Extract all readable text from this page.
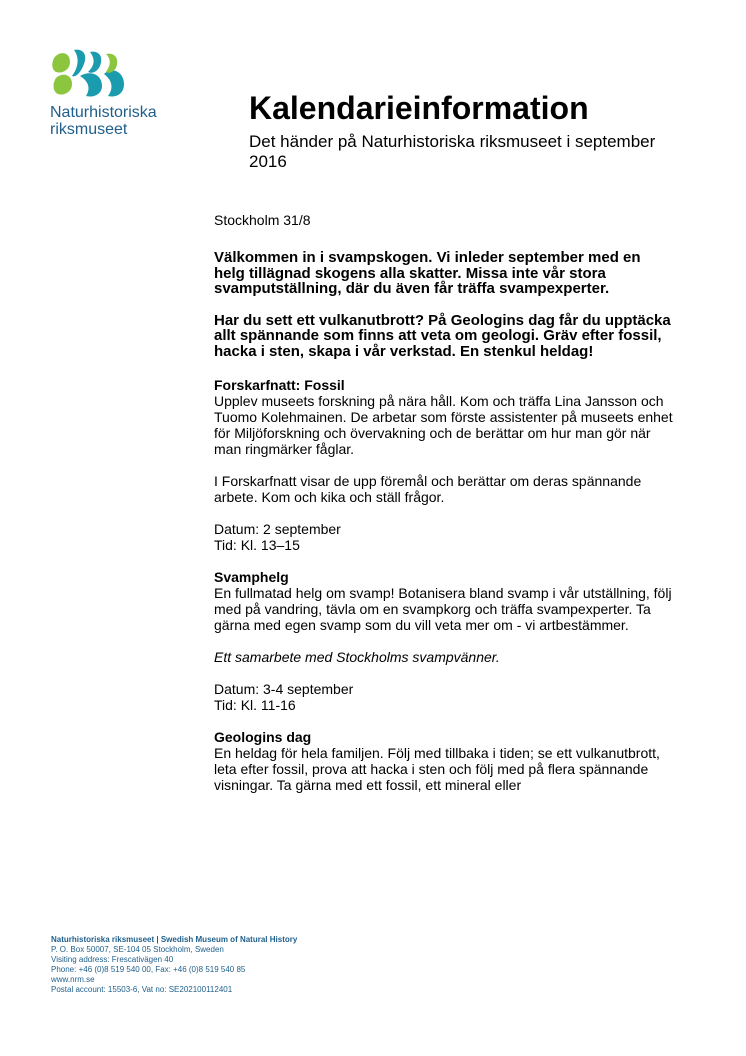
Naturhistoriska
riksmuseet
Kalendarieinformation
Det händer på Naturhistoriska riksmuseet i september 2016

Stockholm 31/8

Välkommen in i svampskogen. Vi inleder september med en helg tillägnad skogens alla skatter. Missa inte vår stora svamputställning, där du även får träffa svampexperter.

Har du sett ett vulkanutbrott? På Geologins dag får du upptäcka allt spännande som finns att veta om geologi. Gräv efter fossil, hacka i sten, skapa i vår verkstad. En stenkul heldag!

Forskarfnatt: Fossil

Upplev museets forskning på nära håll. Kom och träffa Lina Jansson och Tuomo Kolehmainen. De arbetar som förste assistenter på museets enhet för Miljöforskning och övervakning och de berättar om hur man gör när man ringmärker fåglar.

I Forskarfnatt visar de upp föremål och berättar om deras spännande arbete. Kom och kika och ställ frågor.

Datum: 2 september

Tid: Kl. 13–15

Svamphelg

En fullmatad helg om svamp! Botanisera bland svamp i vår utställning, följ med på vandring, tävla om en svampkorg och träffa svampexperter. Ta gärna med egen svamp som du vill veta mer om - vi artbestämmer.

Ett samarbete med Stockholms svampvänner.

Datum: 3-4 september

Tid: Kl. 11-16

Geologins dag

En heldag för hela familjen. Följ med tillbaka i tiden; se ett vulkanutbrott, leta efter fossil, prova att hacka i sten och följ med på flera spännande visningar. Ta gärna med ett fossil, ett mineral eller

Naturhistoriska riksmuseet | Swedish Museum of Natural History
P. O. Box 50007, SE-104 05 Stockholm, Sweden
Visiting address: Frescativägen 40
Phone: +46 (0)8 519 540 00, Fax: +46 (0)8 519 540 85
www.nrm.se
Postal account: 15503-6, Vat no: SE202100112401
